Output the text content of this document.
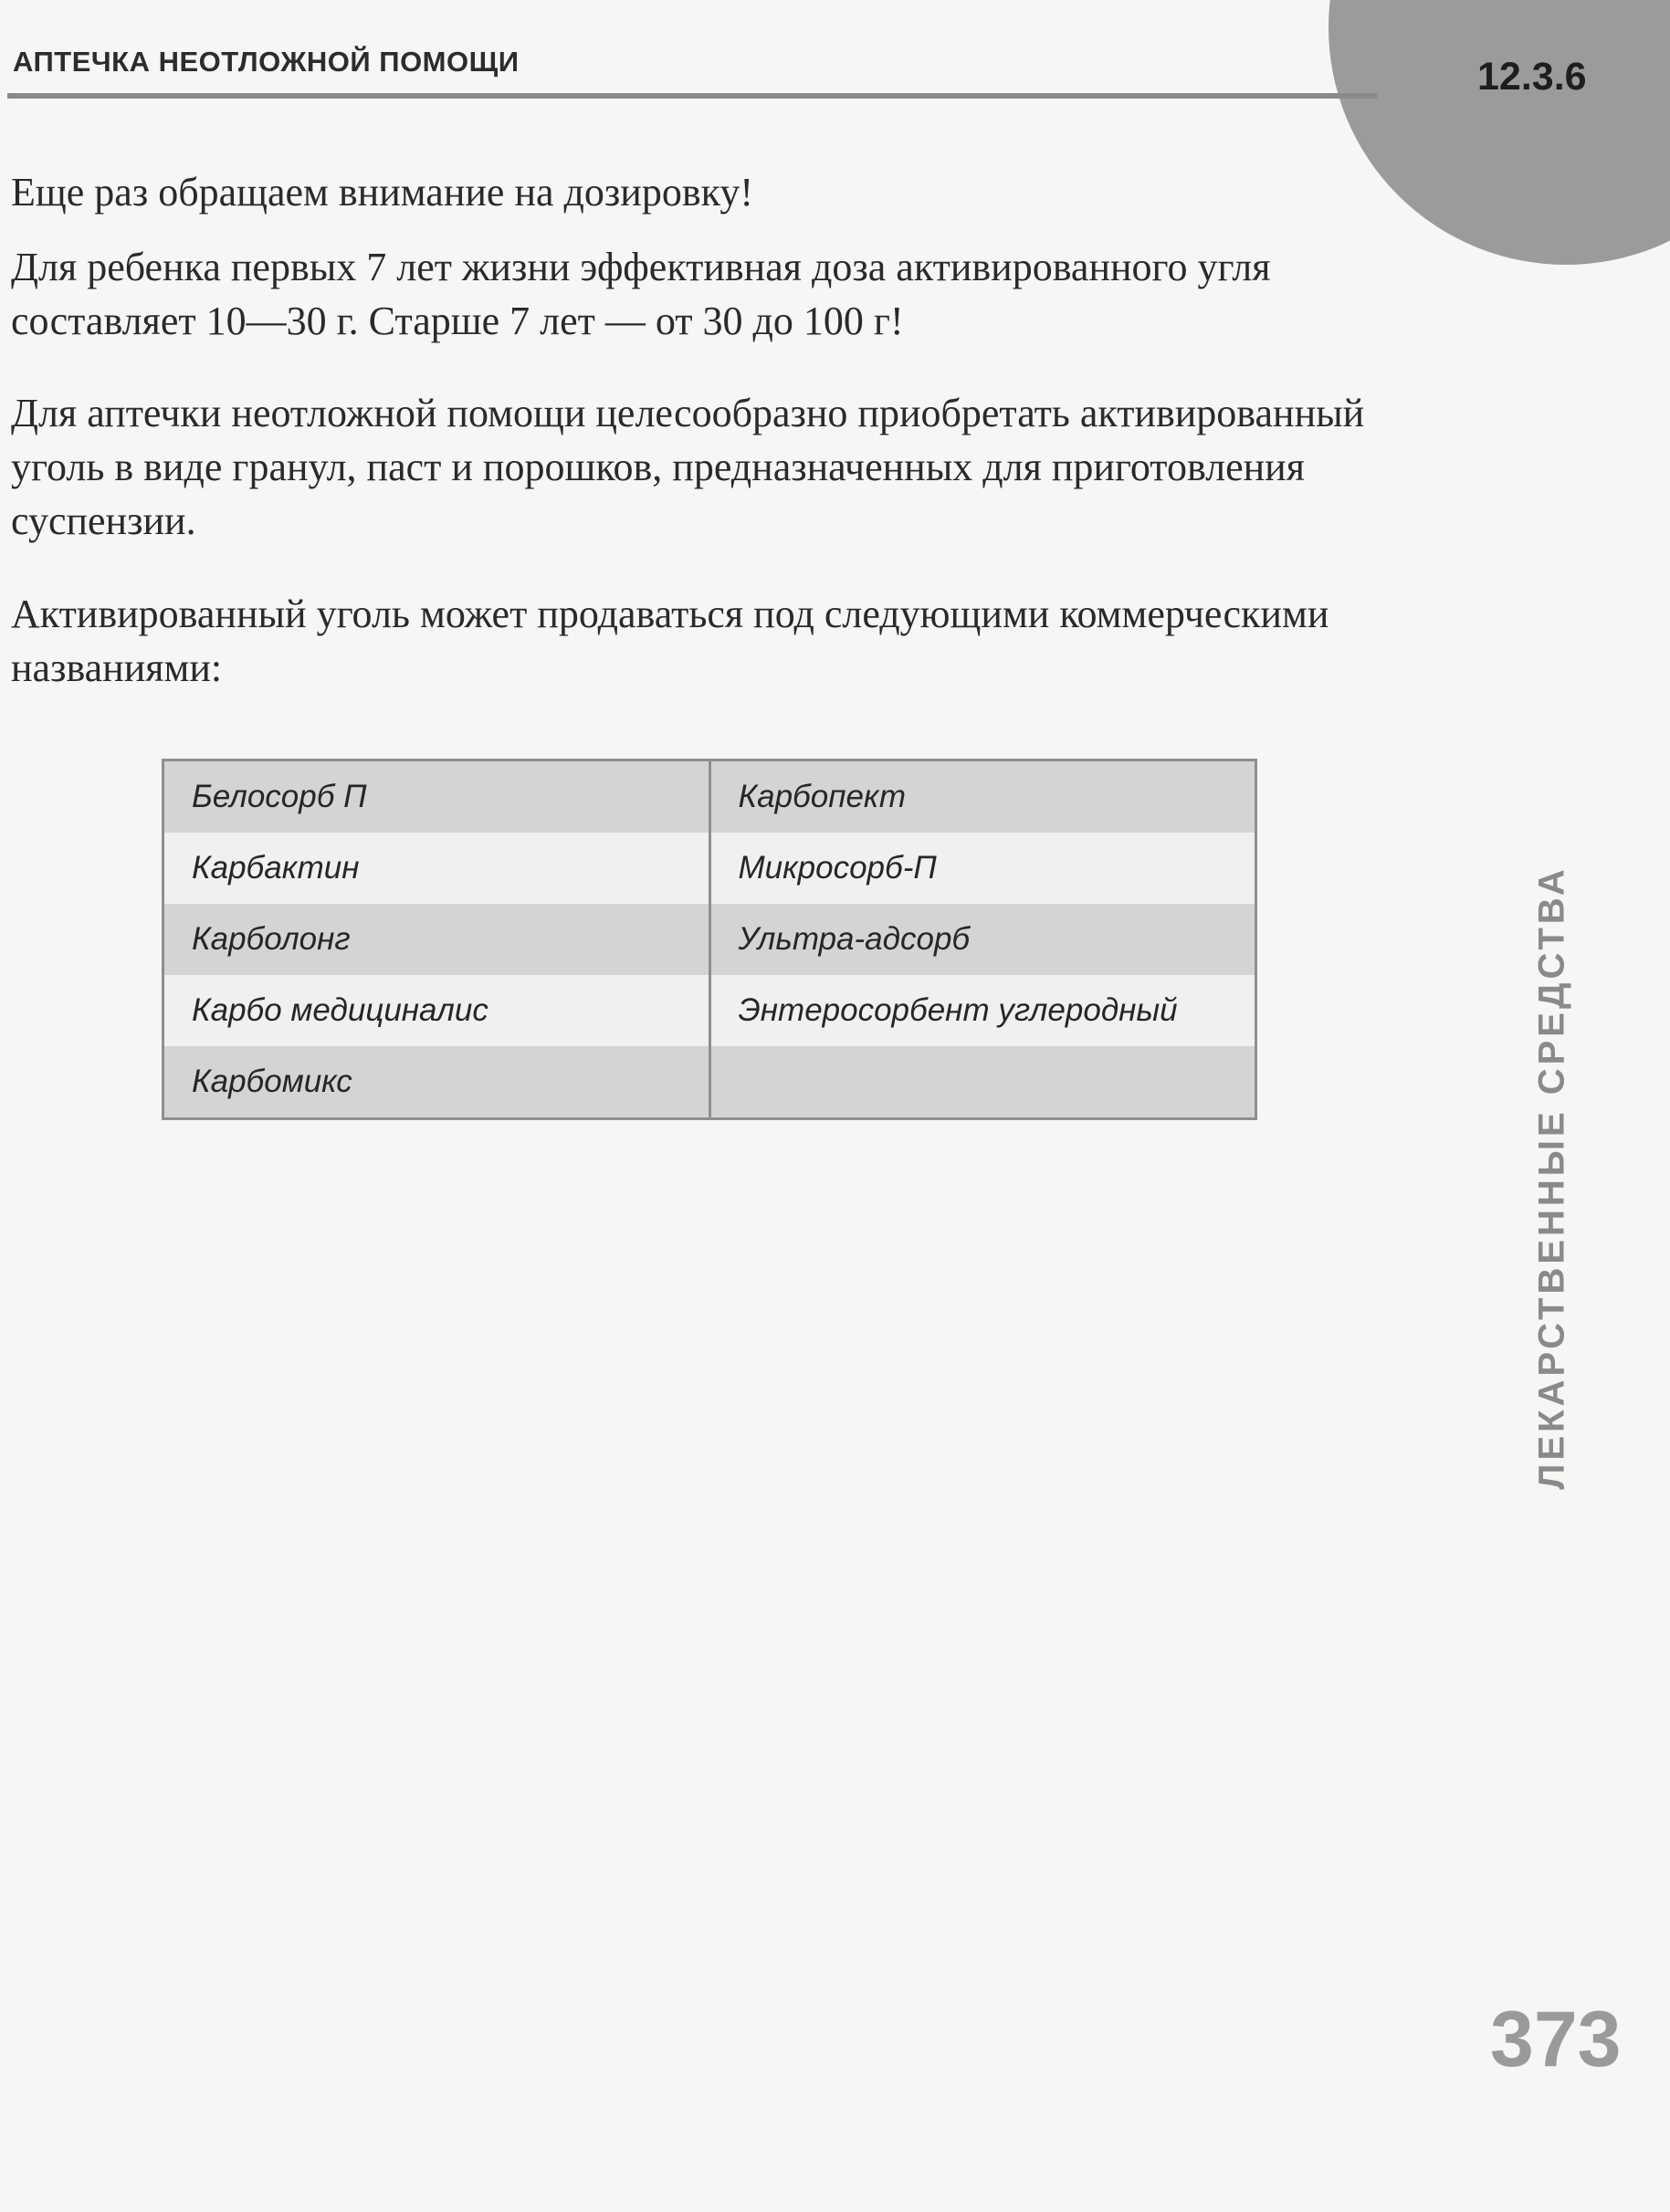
АПТЕЧКА НЕОТЛОЖНОЙ ПОМОЩИ	12.3.6

Еще раз обращаем внимание на дозировку!

Для ребенка первых 7 лет жизни эффективная доза активированного угля составляет 10—30 г. Старше 7 лет — от 30 до 100 г!

Для аптечки неотложной помощи целесообразно приобретать активированный уголь в виде гранул, паст и порошков, предназначенных для приготовления суспензии.

Активированный уголь может продаваться под следующими коммерческими названиями:

Белосорб П	Карбопект
Карбактин	Микросорб-П
Карболонг	Ультра-адсорб
Карбо медициналис	Энтеросорбент углеродный
Карбомикс		ЛЕКАРСТВЕННЫЕ СРЕДСТВА
373
